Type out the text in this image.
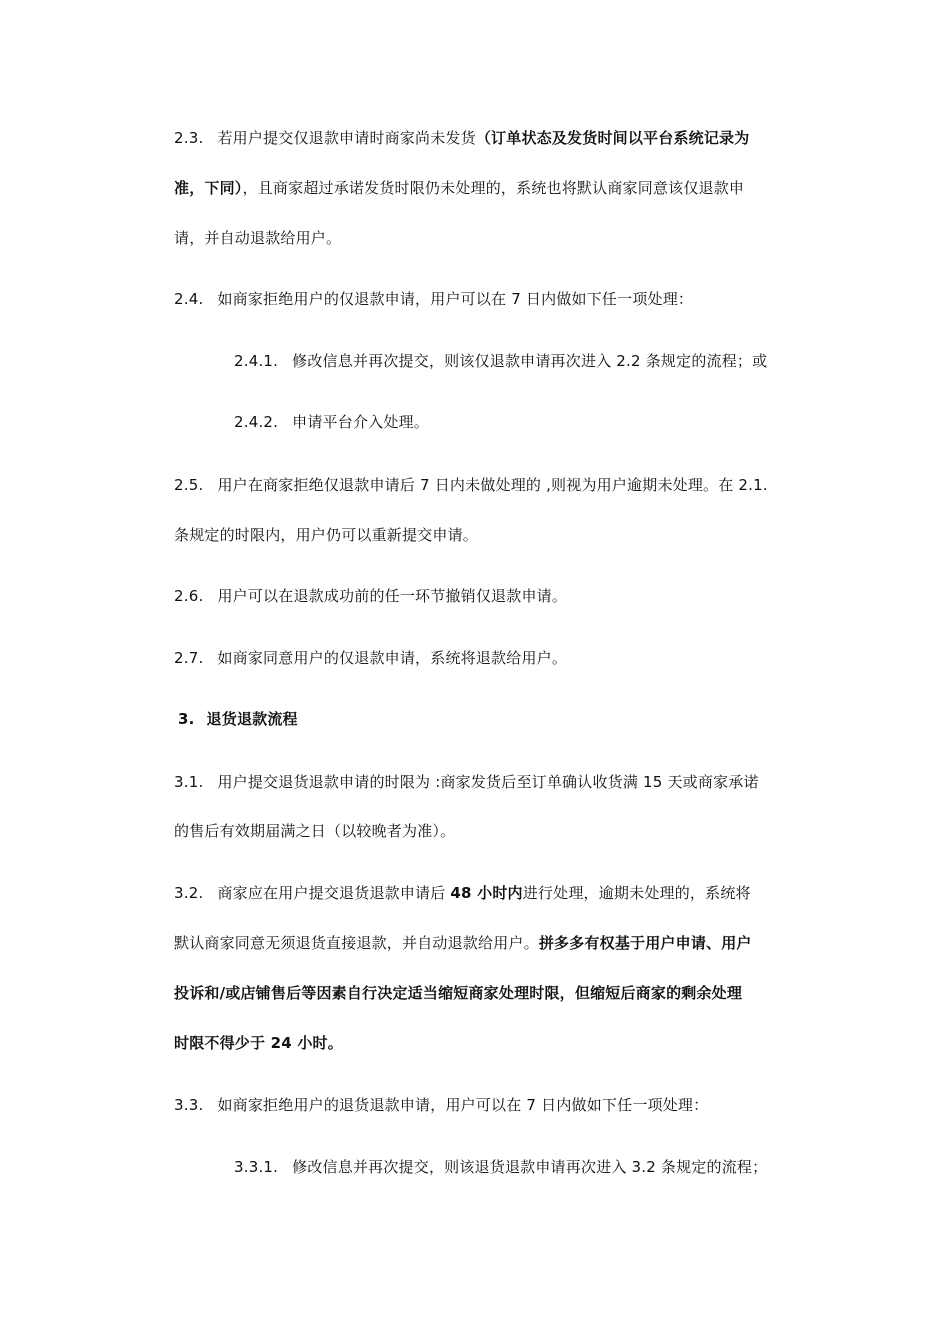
2.3. 若用户提交仅退款申请时商家尚未发货（订单状态及发货时间以平台系统记录为
准，下同），且商家超过承诺发货时限仍未处理的，系统也将默认商家同意该仅退款申
请，并自动退款给用户。
2.4. 如商家拒绝用户的仅退款申请，用户可以在 7 日内做如下任一项处理：
2.4.1. 修改信息并再次提交，则该仅退款申请再次进入 2.2 条规定的流程；或
2.4.2. 申请平台介入处理。
2.5. 用户在商家拒绝仅退款申请后 7 日内未做处理的 ,则视为用户逾期未处理。在 2.1.
条规定的时限内，用户仍可以重新提交申请。
2.6. 用户可以在退款成功前的任一环节撤销仅退款申请。
2.7. 如商家同意用户的仅退款申请，系统将退款给用户。
3. 退货退款流程
3.1. 用户提交退货退款申请的时限为 :商家发货后至订单确认收货满 15 天或商家承诺
的售后有效期届满之日（以较晚者为准）。
3.2. 商家应在用户提交退货退款申请后 48 小时内进行处理，逾期未处理的，系统将
默认商家同意无须退货直接退款，并自动退款给用户。拼多多有权基于用户申请、用户
投诉和/或店铺售后等因素自行决定适当缩短商家处理时限，但缩短后商家的剩余处理
时限不得少于 24 小时。
3.3. 如商家拒绝用户的退货退款申请，用户可以在 7 日内做如下任一项处理：
3.3.1. 修改信息并再次提交，则该退货退款申请再次进入 3.2 条规定的流程；
